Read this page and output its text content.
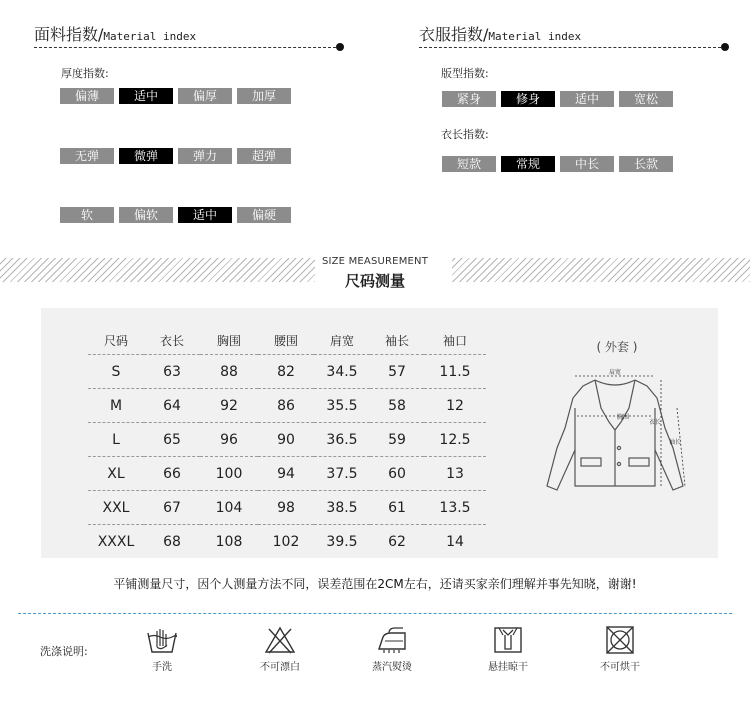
面料指数/Material index
厚度指数:
偏薄	适中	偏厚	加厚
无弹	微弹	弹力	超弹
软	偏软	适中	偏硬
衣服指数/Material index
版型指数:
紧身	修身	适中	宽松
衣长指数:
短款	常规	中长	长款
SIZE MEASUREMENT
尺码测量
尺码	衣长	胸围	腰围	肩宽	袖长	袖口
S	63	88	82	34.5	57	11.5
M	64	92	86	35.5	58	12
L	65	96	90	36.5	59	12.5
XL	66	100	94	37.5	60	13
XXL	67	104	98	38.5	61	13.5
XXXL	68	108	102	39.5	62	14
( 外套 )
肩宽
胸围
衣长
袖长
平铺测量尺寸，因个人测量方法不同，误差范围在2CM左右，还请买家亲们理解并事先知晓，谢谢!
洗涤说明:
手洗	不可漂白	蒸汽熨烫	悬挂晾干	不可烘干
